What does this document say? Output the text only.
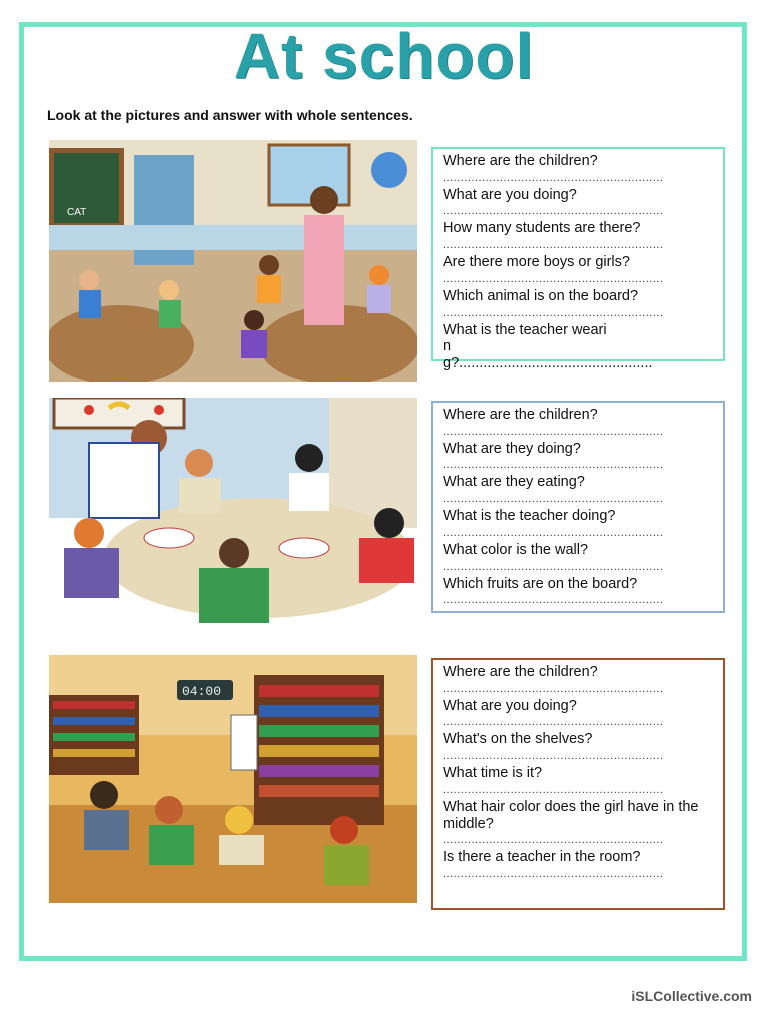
At school
Look at the pictures and answer with whole sentences.
CAT
Where are the children?
..............................................................
What are you doing?
..............................................................
How many students are there?
..............................................................
Are there more boys or girls?
..............................................................
Which animal is on the board?
..............................................................
What is the teacher wearing?................................................
Where are the children?
..............................................................
What are they doing?
..............................................................
What are they eating?
..............................................................
What is the teacher doing?
..............................................................
What color is the wall?
..............................................................
Which fruits are on the board?
..............................................................
04:00
Where are the children?
..............................................................
What are you doing?
..............................................................
What's on the shelves?
..............................................................
What time is it?
..............................................................
What hair color does the girl have in the middle?
..............................................................
Is there a teacher in the room?
..............................................................
iSLCollective.com
